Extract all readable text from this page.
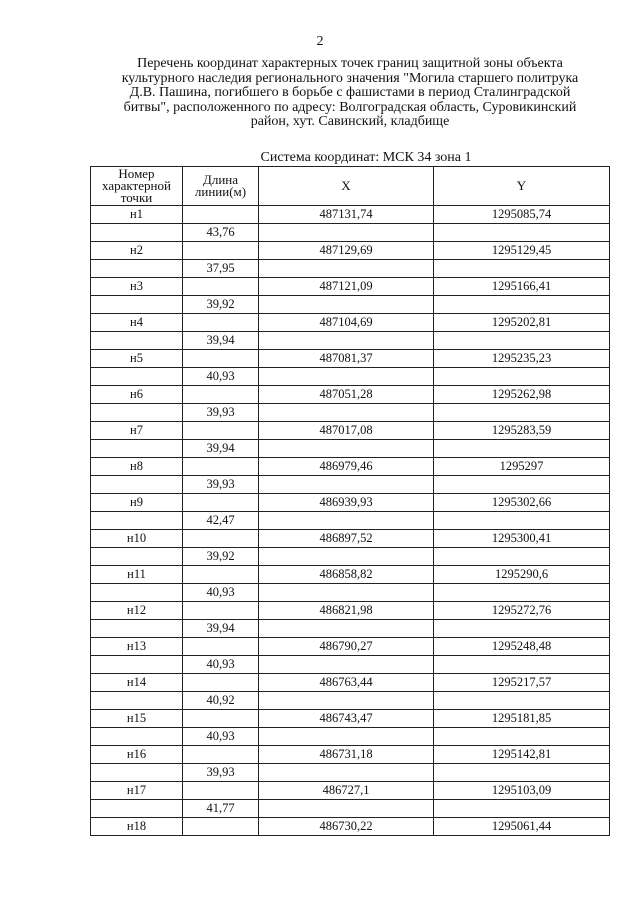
2
Перечень координат характерных точек границ защитной зоны объекта
культурного наследия регионального значения "Могила старшего политрука
Д.В. Пашина, погибшего в борьбе с фашистами в период Сталинградской
битвы", расположенного по адресу: Волгоградская область, Суровикинский
район, хут. Савинский, кладбище
Система координат: МСК 34 зона 1
Номер характерной точки	Длина линии(м)	X	Y
н1		487131,74	1295085,74
	43,76		
н2		487129,69	1295129,45
	37,95		
н3		487121,09	1295166,41
	39,92		
н4		487104,69	1295202,81
	39,94		
н5		487081,37	1295235,23
	40,93		
н6		487051,28	1295262,98
	39,93		
н7		487017,08	1295283,59
	39,94		
н8		486979,46	1295297
	39,93		
н9		486939,93	1295302,66
	42,47		
н10		486897,52	1295300,41
	39,92		
н11		486858,82	1295290,6
	40,93		
н12		486821,98	1295272,76
	39,94		
н13		486790,27	1295248,48
	40,93		
н14		486763,44	1295217,57
	40,92		
н15		486743,47	1295181,85
	40,93		
н16		486731,18	1295142,81
	39,93		
н17		486727,1	1295103,09
	41,77		
н18		486730,22	1295061,44
